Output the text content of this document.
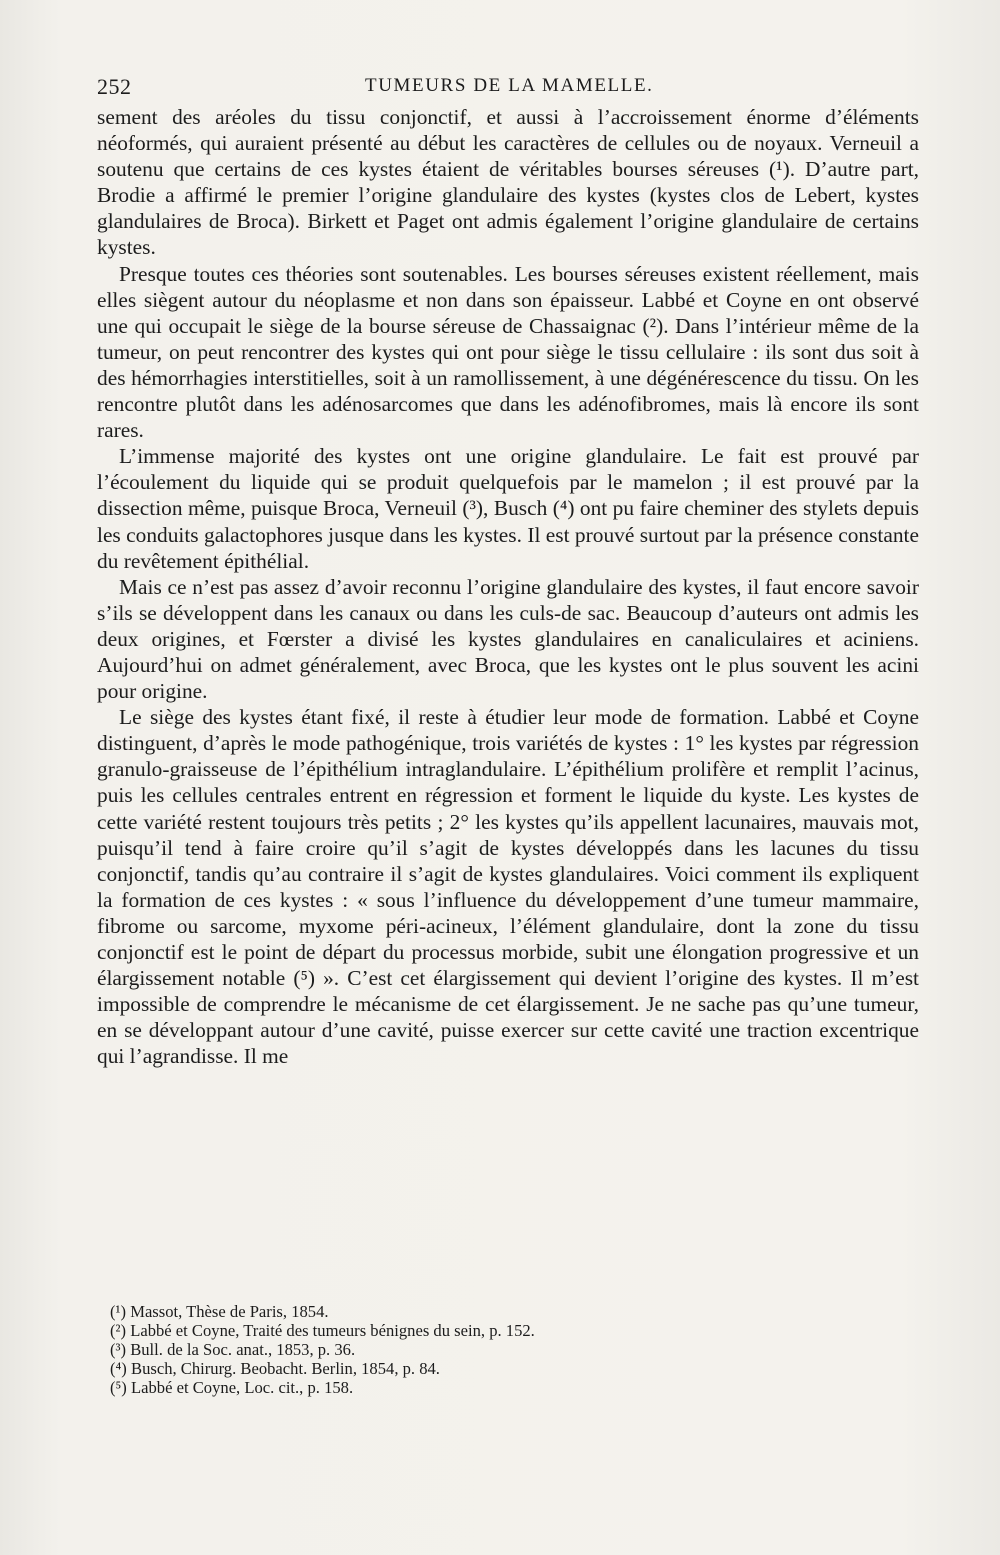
252	TUMEURS DE LA MAMELLE.

sement des aréoles du tissu conjonctif, et aussi à l’accroissement énorme d’éléments néoformés, qui auraient présenté au début les caractères de cellules ou de noyaux. Verneuil a soutenu que certains de ces kystes étaient de véritables bourses séreuses (¹). D’autre part, Brodie a affirmé le premier l’origine glandulaire des kystes (kystes clos de Lebert, kystes glandulaires de Broca). Birkett et Paget ont admis également l’origine glandulaire de certains kystes.

Presque toutes ces théories sont soutenables. Les bourses séreuses existent réellement, mais elles siègent autour du néoplasme et non dans son épaisseur. Labbé et Coyne en ont observé une qui occupait le siège de la bourse séreuse de Chassaignac (²). Dans l’intérieur même de la tumeur, on peut rencontrer des kystes qui ont pour siège le tissu cellulaire : ils sont dus soit à des hémorrhagies interstitielles, soit à un ramollissement, à une dégénérescence du tissu. On les rencontre plutôt dans les adénosarcomes que dans les adénofibromes, mais là encore ils sont rares.

L’immense majorité des kystes ont une origine glandulaire. Le fait est prouvé par l’écoulement du liquide qui se produit quelquefois par le mamelon ; il est prouvé par la dissection même, puisque Broca, Verneuil (³), Busch (⁴) ont pu faire cheminer des stylets depuis les conduits galactophores jusque dans les kystes. Il est prouvé surtout par la présence constante du revêtement épithélial.

Mais ce n’est pas assez d’avoir reconnu l’origine glandulaire des kystes, il faut encore savoir s’ils se développent dans les canaux ou dans les culs-de sac. Beaucoup d’auteurs ont admis les deux origines, et Fœrster a divisé les kystes glandulaires en canaliculaires et aciniens. Aujourd’hui on admet généralement, avec Broca, que les kystes ont le plus souvent les acini pour origine.

Le siège des kystes étant fixé, il reste à étudier leur mode de formation. Labbé et Coyne distinguent, d’après le mode pathogénique, trois variétés de kystes : 1° les kystes par régression granulo-graisseuse de l’épithélium intraglandulaire. L’épithélium prolifère et remplit l’acinus, puis les cellules centrales entrent en régression et forment le liquide du kyste. Les kystes de cette variété restent toujours très petits ; 2° les kystes qu’ils appellent lacunaires, mauvais mot, puisqu’il tend à faire croire qu’il s’agit de kystes développés dans les lacunes du tissu conjonctif, tandis qu’au contraire il s’agit de kystes glandulaires. Voici comment ils expliquent la formation de ces kystes : « sous l’influence du développement d’une tumeur mammaire, fibrome ou sarcome, myxome péri-acineux, l’élément glandulaire, dont la zone du tissu conjonctif est le point de départ du processus morbide, subit une élongation progressive et un élargissement notable (⁵) ». C’est cet élargissement qui devient l’origine des kystes. Il m’est impossible de comprendre le mécanisme de cet élargissement. Je ne sache pas qu’une tumeur, en se développant autour d’une cavité, puisse exercer sur cette cavité une traction excentrique qui l’agrandisse. Il me

(¹) Massot, Thèse de Paris, 1854.
(²) Labbé et Coyne, Traité des tumeurs bénignes du sein, p. 152.
(³) Bull. de la Soc. anat., 1853, p. 36.
(⁴) Busch, Chirurg. Beobacht. Berlin, 1854, p. 84.
(⁵) Labbé et Coyne, Loc. cit., p. 158.
